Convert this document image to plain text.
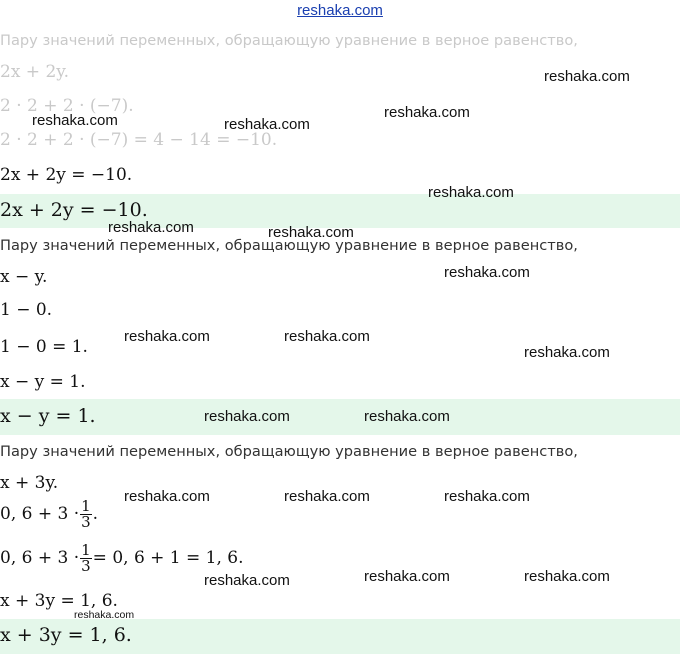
reshaka.com
Пару значений переменных, обращающую уравнение в верное равенство,
2x + 2y.
2 · 2 + 2 · (−7).
2 · 2 + 2 · (−7) = 4 − 14 = −10.
2x + 2y = −10.
2x + 2y = −10.
Пару значений переменных, обращающую уравнение в верное равенство,
x − y.
1 − 0.
1 − 0 = 1.
x − y = 1.
x − y = 1.
Пару значений переменных, обращающую уравнение в верное равенство,
x + 3y.
0, $6 + 3 \cdot \frac{1}{3}$ .
0, $6 + 3 \cdot \frac{1}{3} = 0$, 6 + 1 = 1, 6.
x + 3y = 1, 6.
x + 3y = 1, 6.
reshaka.com
reshaka.com
reshaka.com	reshaka.com
reshaka.com
reshaka.com	reshaka.com
reshaka.com
reshaka.com	reshaka.com
reshaka.com
reshaka.com	reshaka.com
reshaka.com	reshaka.com	reshaka.com
reshaka.com	reshaka.com	reshaka.com
reshaka.com
